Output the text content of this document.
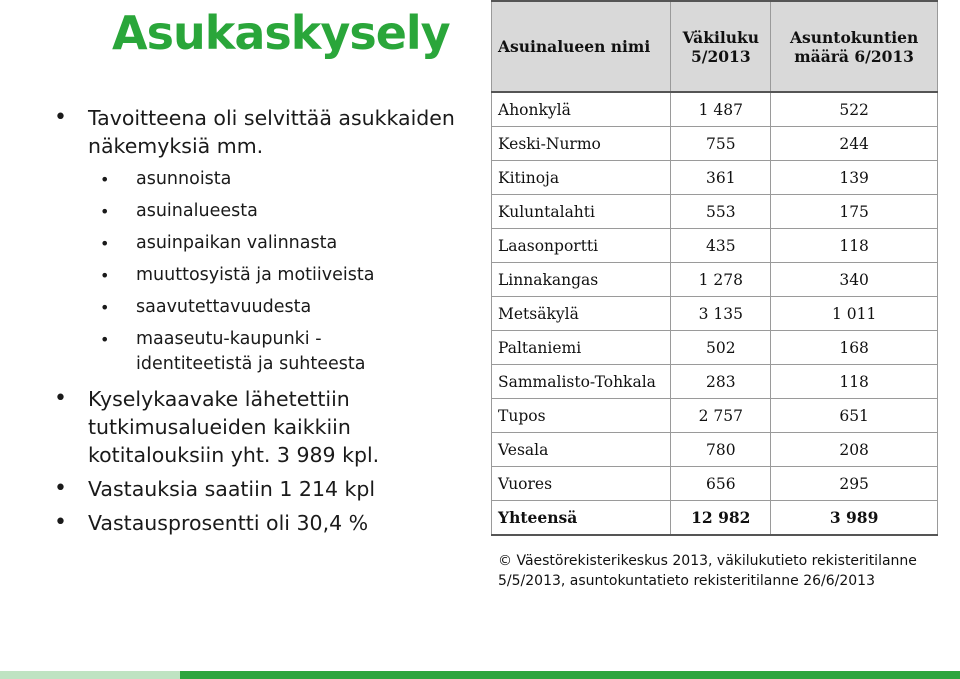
Asukaskysely
• Tavoitteena oli selvittää asukkaiden näkemyksiä mm.
• asunnoista
• asuinalueesta
• asuinpaikan valinnasta
• muuttosyistä ja motiiveista
• saavutettavuudesta
• maaseutu-kaupunki -identiteetistä ja suhteesta
• Kyselykaavake lähetettiin tutkimusalueiden kaikkiin kotitalouksiin yht. 3 989 kpl.
• Vastauksia saatiin 1 214 kpl
• Vastausprosentti oli 30,4 %
Asuinalueen nimi	Väkiluku 5/2013	Asuntokuntien määrä 6/2013
Ahonkylä	1 487	522
Keski-Nurmo	755	244
Kitinoja	361	139
Kuluntalahti	553	175
Laasonportti	435	118
Linnakangas	1 278	340
Metsäkylä	3 135	1 011
Paltaniemi	502	168
Sammalisto-Tohkala	283	118
Tupos	2 757	651
Vesala	780	208
Vuores	656	295
Yhteensä	12 982	3 989
© Väestörekisterikeskus 2013, väkilukutieto rekisteritilanne 5/5/2013, asuntokuntatieto rekisteritilanne 26/6/2013
